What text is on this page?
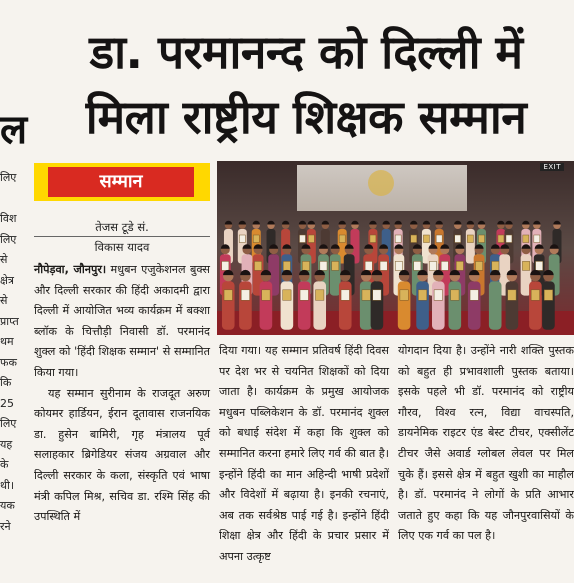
ल
लिए

विश
लिए
से
क्षेत्र
से
प्राप्त
थम
फक
कि
25
लिए
यह
के
थी।
यक
रने
डा. परमानन्द को दिल्ली में
मिला राष्ट्रीय शिक्षक सम्मान
सम्मान
तेजस टूडे सं.
विकास यादव

नौपेड़वा, जौनपुर। मधुबन एजुकेशनल बुक्स और दिल्ली सरकार की हिंदी अकादमी द्वारा दिल्ली में आयोजित भव्य कार्यक्रम में बक्शा ब्लॉक के चित्तौड़ी निवासी डॉ. परमानंद शुक्ल को 'हिंदी शिक्षक सम्मान' से सम्मानित किया गया।

यह सम्मान सुरीनाम के राजदूत अरुण कोयमर हार्डियन, ईरान दूतावास राजनयिक डा. हुसेन बामिरी, गृह मंत्रालय पूर्व सलाहकार ब्रिगेडियर संजय अग्रवाल और दिल्ली सरकार के कला, संस्कृति एवं भाषा मंत्री कपिल मिश्र, सचिव डा. रश्मि सिंह की उपस्थिति में

दिया गया। यह सम्मान प्रतिवर्ष हिंदी दिवस पर देश भर से चयनित शिक्षकों को दिया जाता है। कार्यक्रम के प्रमुख आयोजक मधुबन पब्लिकेशन के डॉ. परमानंद शुक्ल को बधाई संदेश में कहा कि शुक्ल को सम्मानित करना हमारे लिए गर्व की बात है। इन्होंने हिंदी का मान अहिन्दी भाषी प्रदेशों और विदेशों में बढ़ाया है। इनकी रचनाएं, अब तक सर्वश्रेष्ठ पाई गई है। इन्होंने हिंदी शिक्षा क्षेत्र और हिंदी के प्रचार प्रसार में अपना उत्कृष्ट

योगदान दिया है। उन्होंने नारी शक्ति पुस्तक को बहुत ही प्रभावशाली पुस्तक बताया। इसके पहले भी डॉ. परमानंद को राष्ट्रीय गौरव, विश्व रत्न, विद्या वाचस्पति, डायनेमिक राइटर एंड बेस्ट टीचर, एक्सीलेंट टीचर जैसे अवार्ड ग्लोबल लेवल पर मिल चुके हैं। इससे क्षेत्र में बहुत खुशी का माहौल है। डॉ. परमानंद ने लोगों के प्रति आभार जताते हुए कहा कि यह जौनपुरवासियों के लिए एक गर्व का पल है।

EXIT
